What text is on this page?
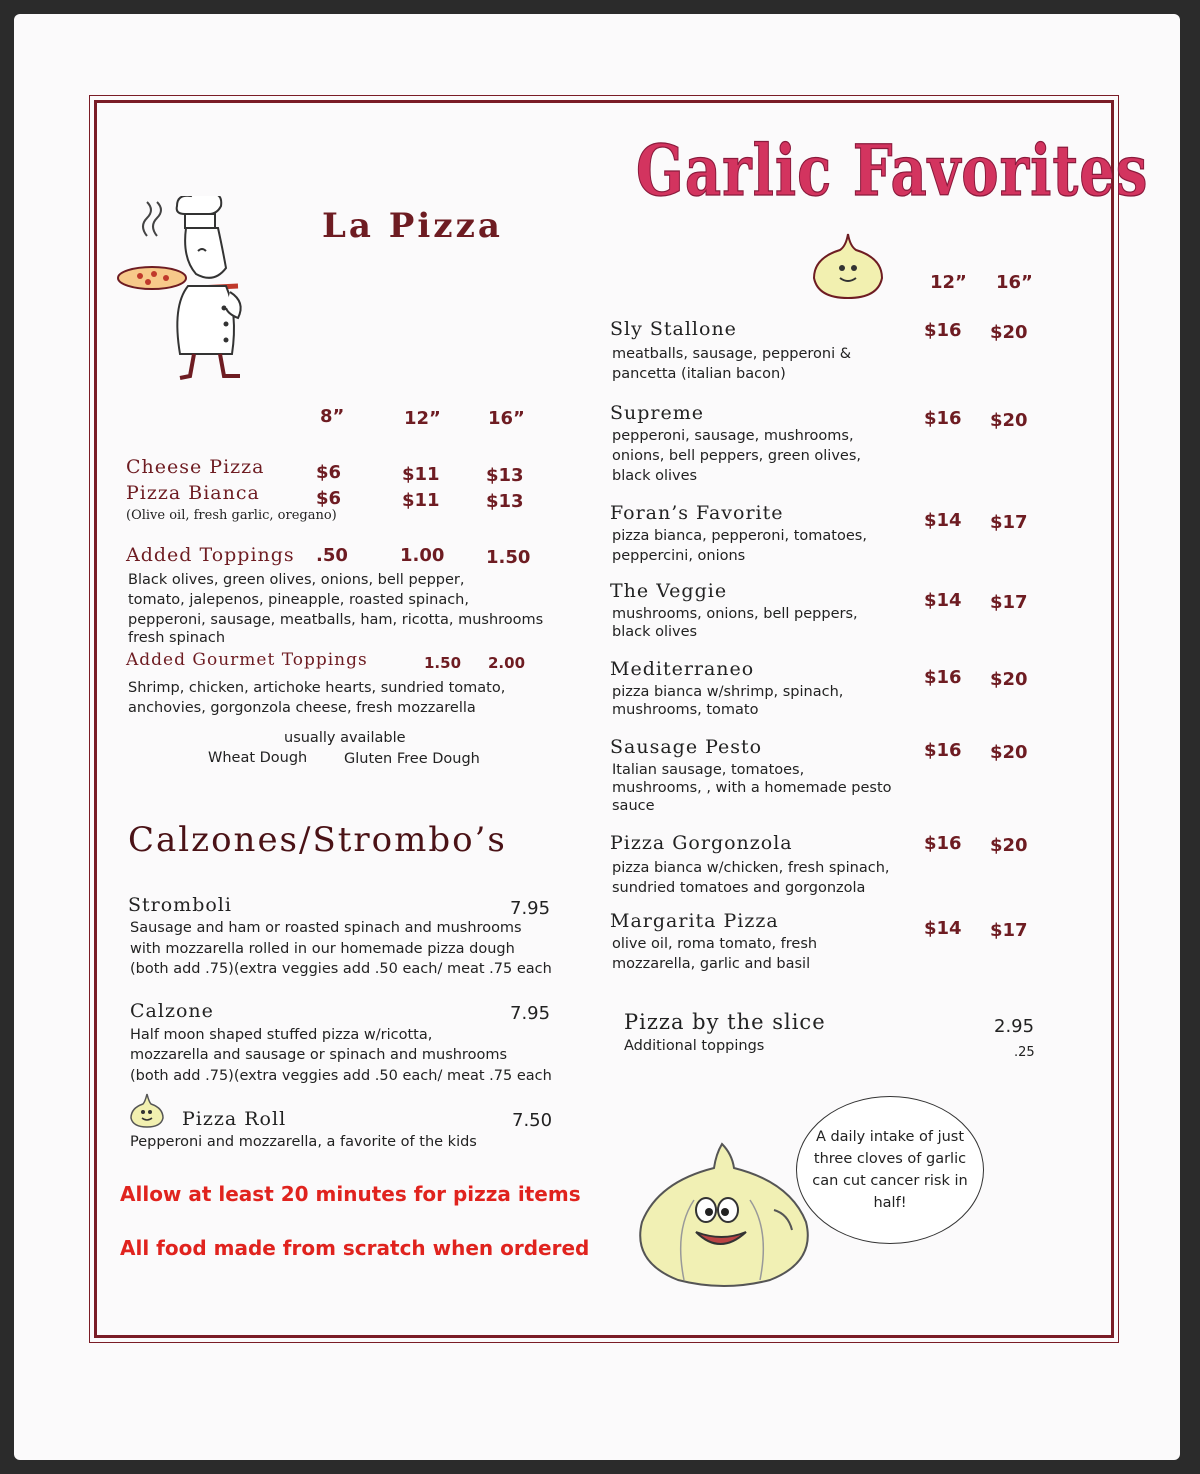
Garlic Favorites
La Pizza
8”	12”	16”
Cheese Pizza	$6	$11	$13
Pizza Bianca	$6	$11	$13
(Olive oil, fresh garlic, oregano)
Added Toppings .50	1.00 1.50
Black olives, green olives, onions, bell pepper,
tomato, jalepenos, pineapple, roasted spinach,
pepperoni, sausage, meatballs, ham, ricotta, mushrooms
fresh spinach
Added Gourmet Toppings	1.50 2.00
Shrimp, chicken, artichoke hearts, sundried tomato,
anchovies, gorgonzola cheese, fresh mozzarella
usually available
Wheat Dough	Gluten Free Dough
Calzones/Strombo’s
Stromboli	7.95
Sausage and ham or roasted spinach and mushrooms
with mozzarella rolled in our homemade pizza dough
(both add .75)(extra veggies add .50 each/ meat .75 each
Calzone	7.95
Half moon shaped stuffed pizza w/ricotta,
mozzarella and sausage or spinach and mushrooms
(both add .75)(extra veggies add .50 each/ meat .75 each
Pizza Roll	7.50
Pepperoni and mozzarella, a favorite of the kids
Allow at least 20 minutes for pizza items
All food made from scratch when ordered
12” 16”
Sly Stallone
meatballs, sausage, pepperoni &
pancetta (italian bacon)
$16 $20
Supreme
pepperoni, sausage, mushrooms,
onions, bell peppers, green olives,
black olives
$16 $20
Foran’s Favorite
pizza bianca, pepperoni, tomatoes,
peppercini, onions
$14 $17
The Veggie
mushrooms, onions, bell peppers,
black olives
$14 $17
Mediterraneo
pizza bianca w/shrimp, spinach,
mushrooms, tomato
$16 $20
Sausage Pesto
Italian sausage, tomatoes,
mushrooms, , with a homemade pesto
sauce
$16 $20
Pizza Gorgonzola
pizza bianca w/chicken, fresh spinach,
sundried tomatoes and gorgonzola
$16 $20
Margarita Pizza
olive oil, roma tomato, fresh
mozzarella, garlic and basil
$14 $17
Pizza by the slice	2.95
Additional toppings	.25
A daily intake of just three cloves of garlic can cut cancer risk in half!
